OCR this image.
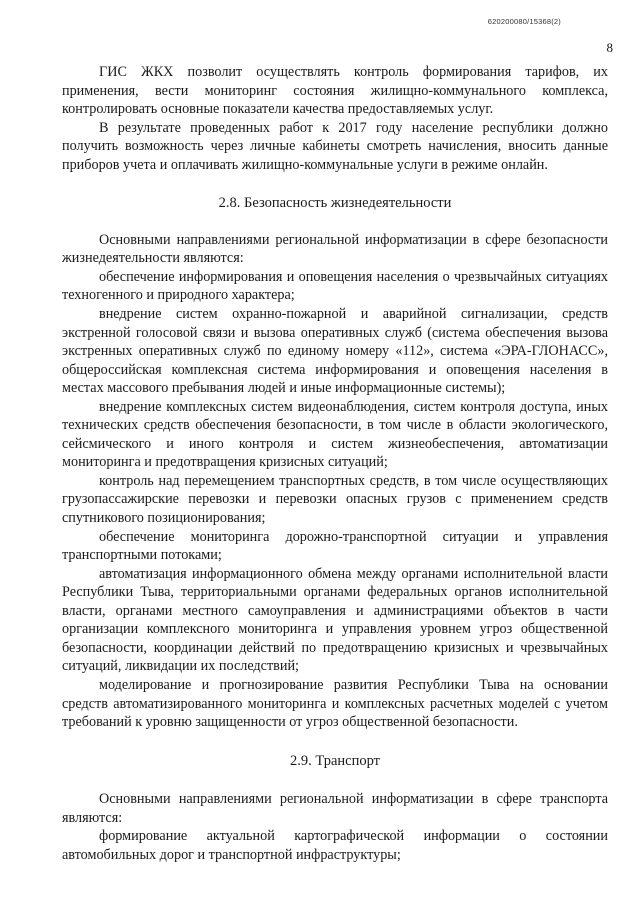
620200080/15368(2)
8

ГИС ЖКХ позволит осуществлять контроль формирования тарифов, их применения, вести мониторинг состояния жилищно-коммунального комплекса, контролировать основные показатели качества предоставляемых услуг.

В результате проведенных работ к 2017 году население республики должно получить возможность через личные кабинеты смотреть начисления, вносить данные приборов учета и оплачивать жилищно-коммунальные услуги в режиме онлайн.

2.8. Безопасность жизнедеятельности

Основными направлениями региональной информатизации в сфере безопасности жизнедеятельности являются:

обеспечение информирования и оповещения населения о чрезвычайных ситуациях техногенного и природного характера;

внедрение систем охранно-пожарной и аварийной сигнализации, средств экстренной голосовой связи и вызова оперативных служб (система обеспечения вызова экстренных оперативных служб по единому номеру «112», система «ЭРА-ГЛОНАСС», общероссийская комплексная система информирования и оповещения населения в местах массового пребывания людей и иные информационные системы);

внедрение комплексных систем видеонаблюдения, систем контроля доступа, иных технических средств обеспечения безопасности, в том числе в области экологического, сейсмического и иного контроля и систем жизнеобеспечения, автоматизации мониторинга и предотвращения кризисных ситуаций;

контроль над перемещением транспортных средств, в том числе осуществляющих грузопассажирские перевозки и перевозки опасных грузов с применением средств спутникового позиционирования;

обеспечение мониторинга дорожно-транспортной ситуации и управления транспортными потоками;

автоматизация информационного обмена между органами исполнительной власти Республики Тыва, территориальными органами федеральных органов исполнительной власти, органами местного самоуправления и администрациями объектов в части организации комплексного мониторинга и управления уровнем угроз общественной безопасности, координации действий по предотвращению кризисных и чрезвычайных ситуаций, ликвидации их последствий;

моделирование и прогнозирование развития Республики Тыва на основании средств автоматизированного мониторинга и комплексных расчетных моделей с учетом требований к уровню защищенности от угроз общественной безопасности.

2.9. Транспорт

Основными направлениями региональной информатизации в сфере транспорта являются:

формирование актуальной картографической информации о состоянии автомобильных дорог и транспортной инфраструктуры;
